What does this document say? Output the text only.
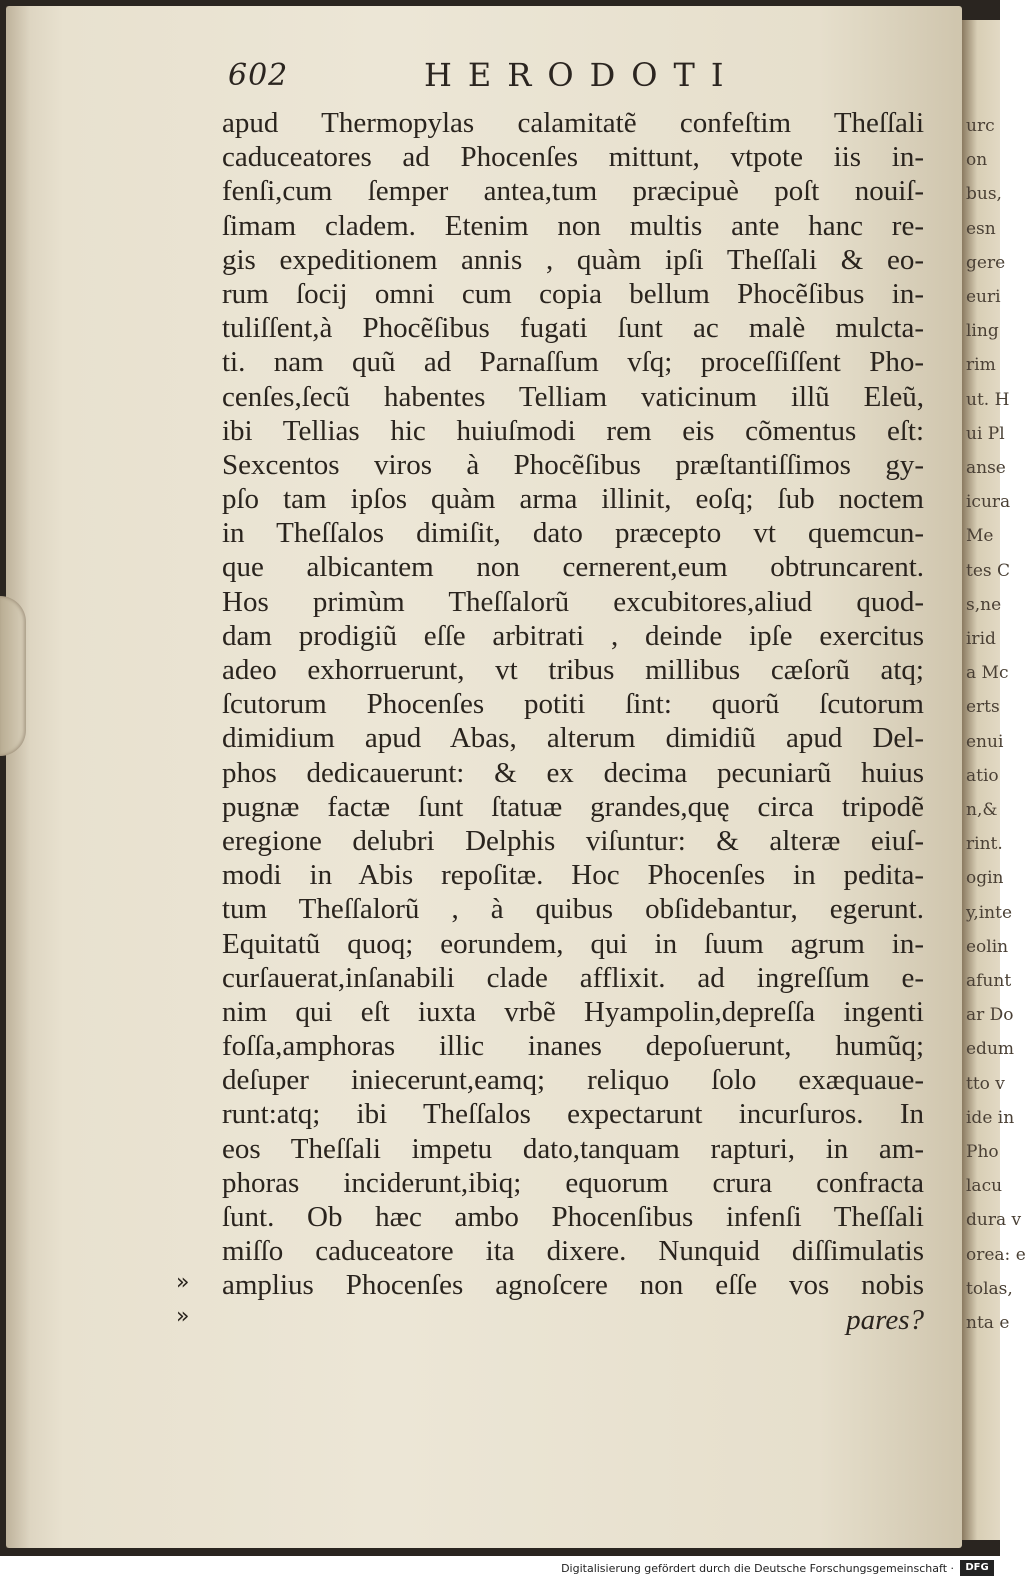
urc
on
bus,
esn
gere
euri
ling
rim
ut. H
ui Pl
anse
icura
Me
tes C
s,ne
irid
a Mc
erts
enui
atio
n,&
rint.
ogin
y,inte
eolin
afunt
ar Do
edum
tto v
ide in
Pho
lacu
dura v
orea: e
tolas,
nta e
602	HERODOTI
apud Thermopylas calamitatẽ confeſtim Theſſali
caduceatores ad Phocenſes mittunt, vtpote iis in-
fenſi,cum ſemper antea,tum præcipuè poſt nouiſ-
ſimam cladem. Etenim non multis ante hanc re-
gis expeditionem annis , quàm ipſi Theſſali & eo-
rum ſocij omni cum copia bellum Phocẽſibus in-
tuliſſent,à Phocẽſibus fugati ſunt ac malè mulcta-
ti. nam quũ ad Parnaſſum vſq; proceſſiſſent Pho-
cenſes,ſecũ habentes Telliam vaticinum illũ Eleũ,
ibi Tellias hic huiuſmodi rem eis cõmentus eſt:
Sexcentos viros à Phocẽſibus præſtantiſſimos gy-
pſo tam ipſos quàm arma illinit, eoſq; ſub noctem
in Theſſalos dimiſit, dato præcepto vt quemcun-
que albicantem non cernerent,eum obtruncarent.
Hos primùm Theſſalorũ excubitores,aliud quod-
dam prodigiũ eſſe arbitrati , deinde ipſe exercitus
adeo exhorruerunt, vt tribus millibus cæſorũ atq;
ſcutorum Phocenſes potiti ſint: quorũ ſcutorum
dimidium apud Abas, alterum dimidiũ apud Del-
phos dedicauerunt: & ex decima pecuniarũ huius
pugnæ factæ ſunt ſtatuæ grandes,quę circa tripodẽ
eregione delubri Delphis viſuntur: & alteræ eiuſ-
modi in Abis repoſitæ. Hoc Phocenſes in pedita-
tum Theſſalorũ , à quibus obſidebantur, egerunt.
Equitatũ quoq; eorundem, qui in ſuum agrum in-
curſauerat,inſanabili clade afflixit. ad ingreſſum e-
nim qui eſt iuxta vrbẽ Hyampolin,depreſſa ingenti
foſſa,amphoras illic inanes depoſuerunt, humũq;
deſuper iniecerunt,eamq; reliquo ſolo exæquaue-
runt:atq; ibi Theſſalos expectarunt incurſuros. In
eos Theſſali impetu dato,tanquam rapturi, in am-
phoras inciderunt,ibiq; equorum crura confracta
ſunt. Ob hæc ambo Phocenſibus infenſi Theſſali
miſſo caduceatore ita dixere. Nunquid diſſimulatis
amplius Phocenſes agnoſcere non eſſe vos nobis
pares?
»
»
Digitalisierung gefördert durch die Deutsche Forschungsgemeinschaft ·	DFG
